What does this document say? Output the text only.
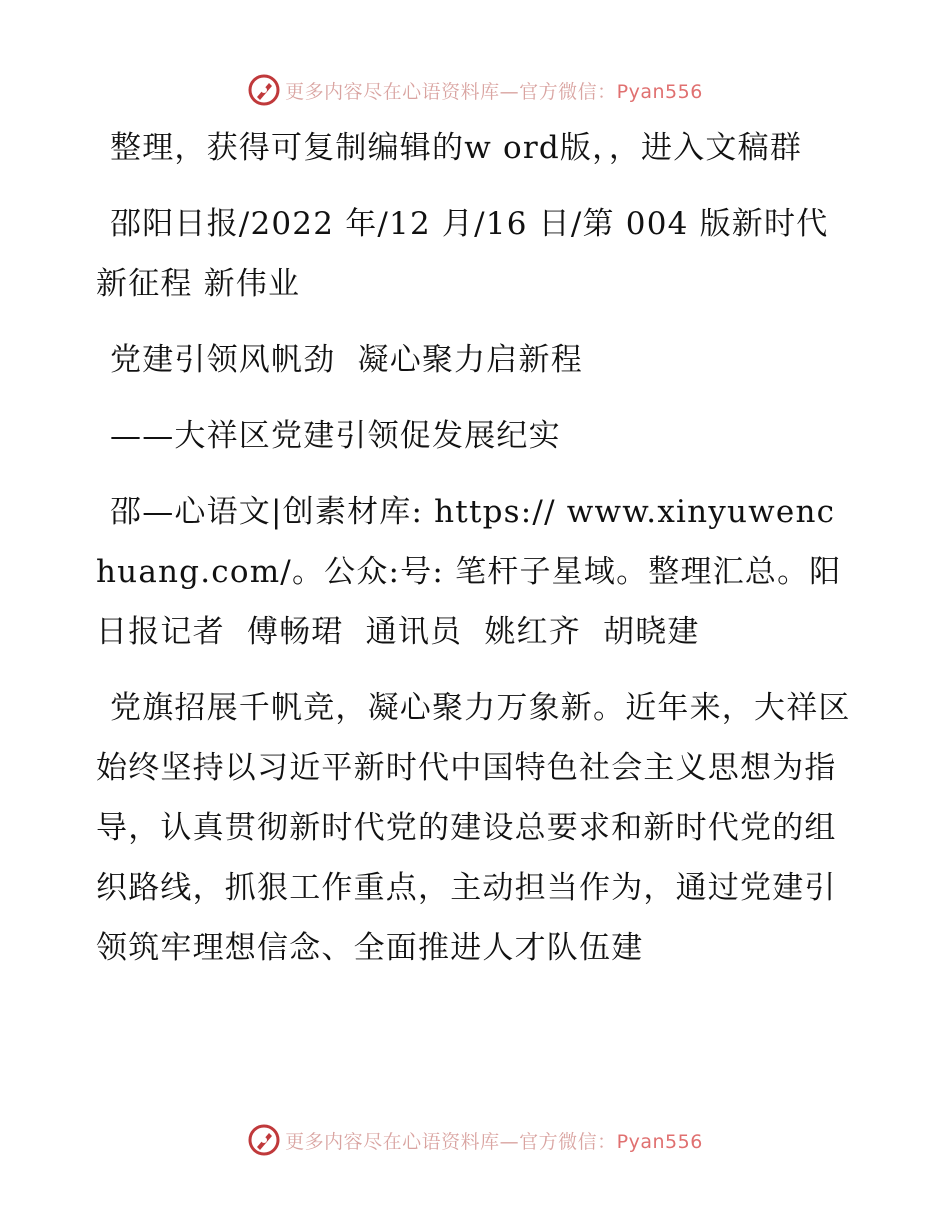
更多内容尽在心语资料库—官方微信：Pyan556

整理，获得可复制编辑的w ord版，，进入文稿群

邵阳日报/2022 年/12 月/16 日/第 004 版新时代 新征程 新伟业

党建引领风帆劲  凝心聚力启新程

——大祥区党建引领促发展纪实

邵—心语文|创素材库: https:// www.xinyuwenchuang.com/。公众:号: 笔杆子星域。整理汇总。阳日报记者  傅畅珺  通讯员  姚红齐  胡晓建

党旗招展千帆竞，凝心聚力万象新。近年来，大祥区始终坚持以习近平新时代中国特色社会主义思想为指导，认真贯彻新时代党的建设总要求和新时代党的组织路线，抓狠工作重点，主动担当作为，通过党建引领筑牢理想信念、全面推进人才队伍建

更多内容尽在心语资料库—官方微信：Pyan556
